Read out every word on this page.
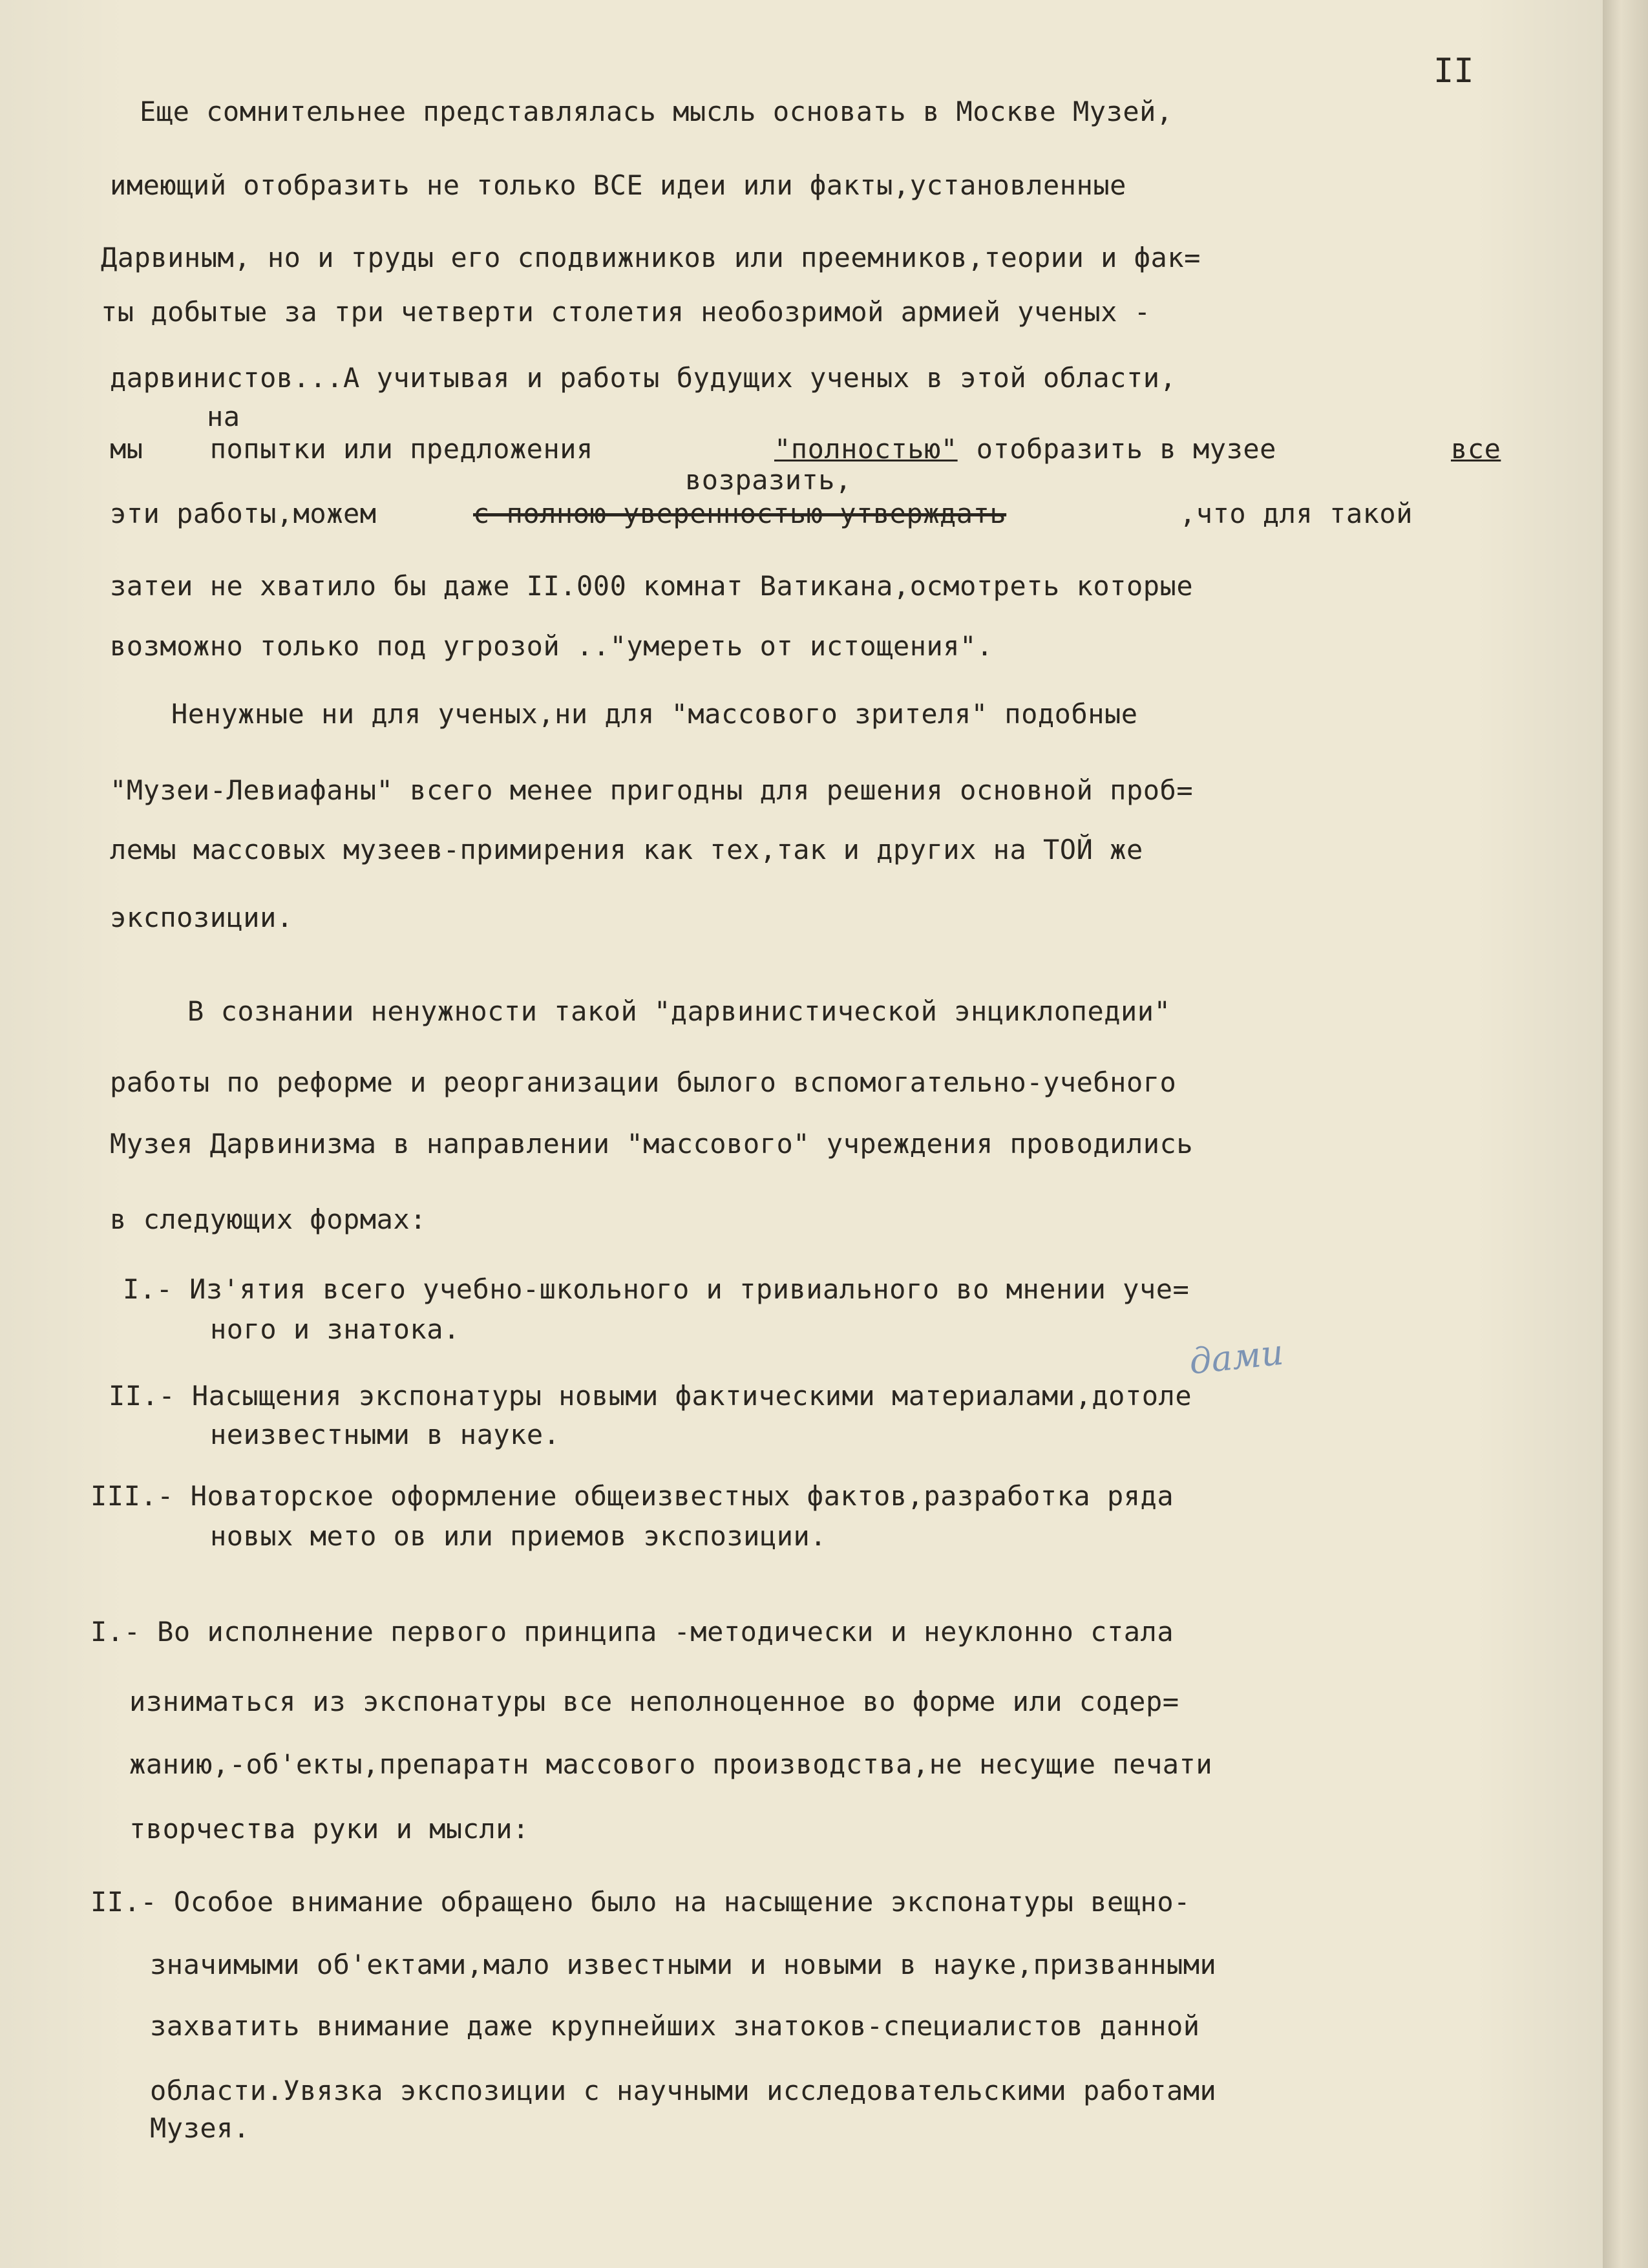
II
Еще сомнительнее представлялась мысль основать в Москве Музей,
имеющий отобразить не только ВСЕ идеи или факты,установленные
Дарвиным, но и труды его сподвижников или преемников,теории и фак=
ты добытые за три четверти столетия необозримой армией ученых -
дарвинистов...А учитывая и работы будущих ученых в этой области,
на
мы    попытки или предложения	"полностью" отобразить в музее	все
возразить,
эти работы,можем	с полною уверенностью утверждать	,что для такой
затеи не хватило бы даже II.000 комнат Ватикана,осмотреть которые
возможно только под угрозой .."умереть от истощения".
Ненужные ни для ученых,ни для "массового зрителя" подобные
"Музеи-Левиафаны" всего менее пригодны для решения основной проб=
лемы массовых музеев-примирения как тех,так и других на ТОЙ же
экспозиции.
В сознании ненужности такой "дарвинистической энциклопедии"
работы по реформе и реорганизации былого вспомогательно-учебного
Музея Дарвинизма в направлении "массового" учреждения проводились
в следующих формах:
I.- Из'ятия всего учебно-школьного и тривиального во мнении уче=
ного и знатока.
II.- Насыщения экспонатуры новыми фактическими материалами,дотоле
неизвестными в науке.
III.- Новаторское оформление общеизвестных фактов,разработка ряда
новых мето ов или приемов экспозиции.
I.- Во исполнение первого принципа -методически и неуклонно стала
изниматься из экспонатуры все неполноценное во форме или содер=
жанию,-об'екты,препаратн массового производства,не несущие печати
творчества руки и мысли:
II.- Особое внимание обращено было на насыщение экспонатуры вещно-
значимыми об'ектами,мало известными и новыми в науке,призванными
захватить внимание даже крупнейших знатоков-специалистов данной
области.Увязка экспозиции с научными исследовательскими работами
Музея.
дами
